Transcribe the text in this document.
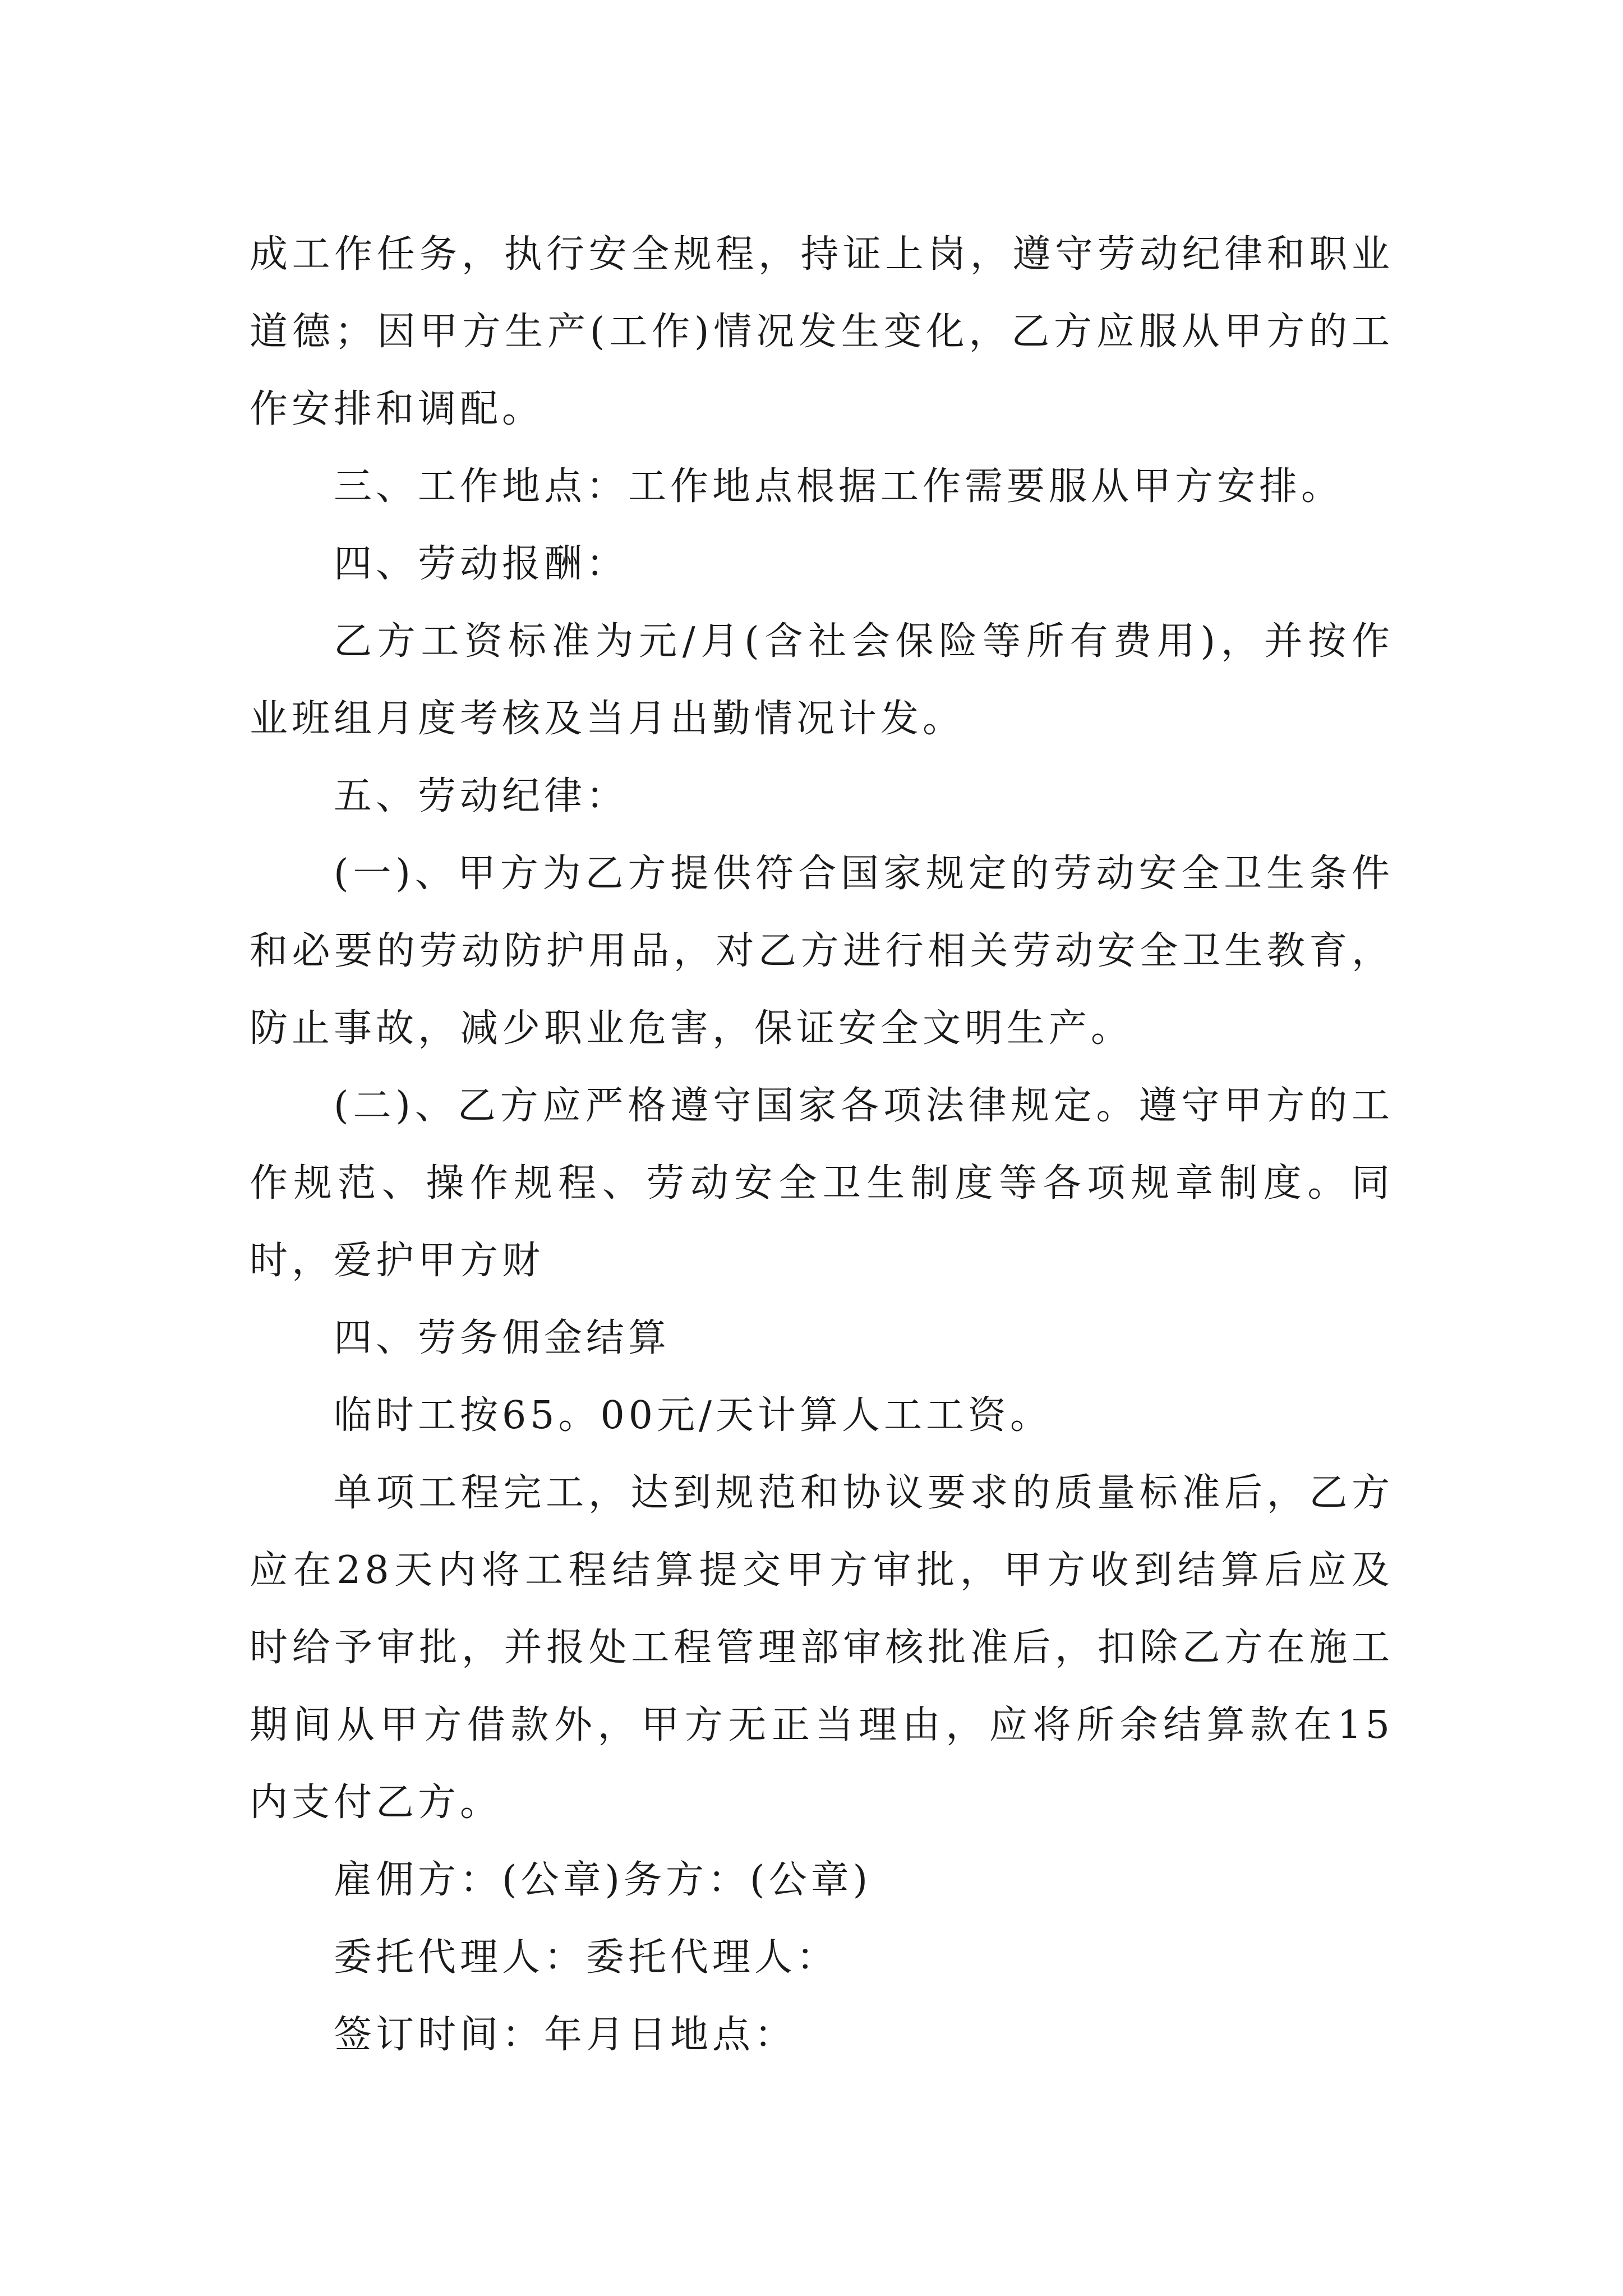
成工作任务，执行安全规程，持证上岗，遵守劳动纪律和职业道德；因甲方生产(工作)情况发生变化，乙方应服从甲方的工作安排和调配。

三、工作地点：工作地点根据工作需要服从甲方安排。

四、劳动报酬：

乙方工资标准为元/月(含社会保险等所有费用)，并按作业班组月度考核及当月出勤情况计发。

五、劳动纪律：

(一)、甲方为乙方提供符合国家规定的劳动安全卫生条件和必要的劳动防护用品，对乙方进行相关劳动安全卫生教育，防止事故，减少职业危害，保证安全文明生产。

(二)、乙方应严格遵守国家各项法律规定。遵守甲方的工作规范、操作规程、劳动安全卫生制度等各项规章制度。同时，爱护甲方财

四、劳务佣金结算

临时工按65。00元/天计算人工工资。

单项工程完工，达到规范和协议要求的质量标准后，乙方应在28天内将工程结算提交甲方审批，甲方收到结算后应及时给予审批，并报处工程管理部审核批准后，扣除乙方在施工期间从甲方借款外，甲方无正当理由，应将所余结算款在15内支付乙方。

雇佣方：(公章)务方：(公章)

委托代理人：委托代理人：

签订时间：年月日地点：
